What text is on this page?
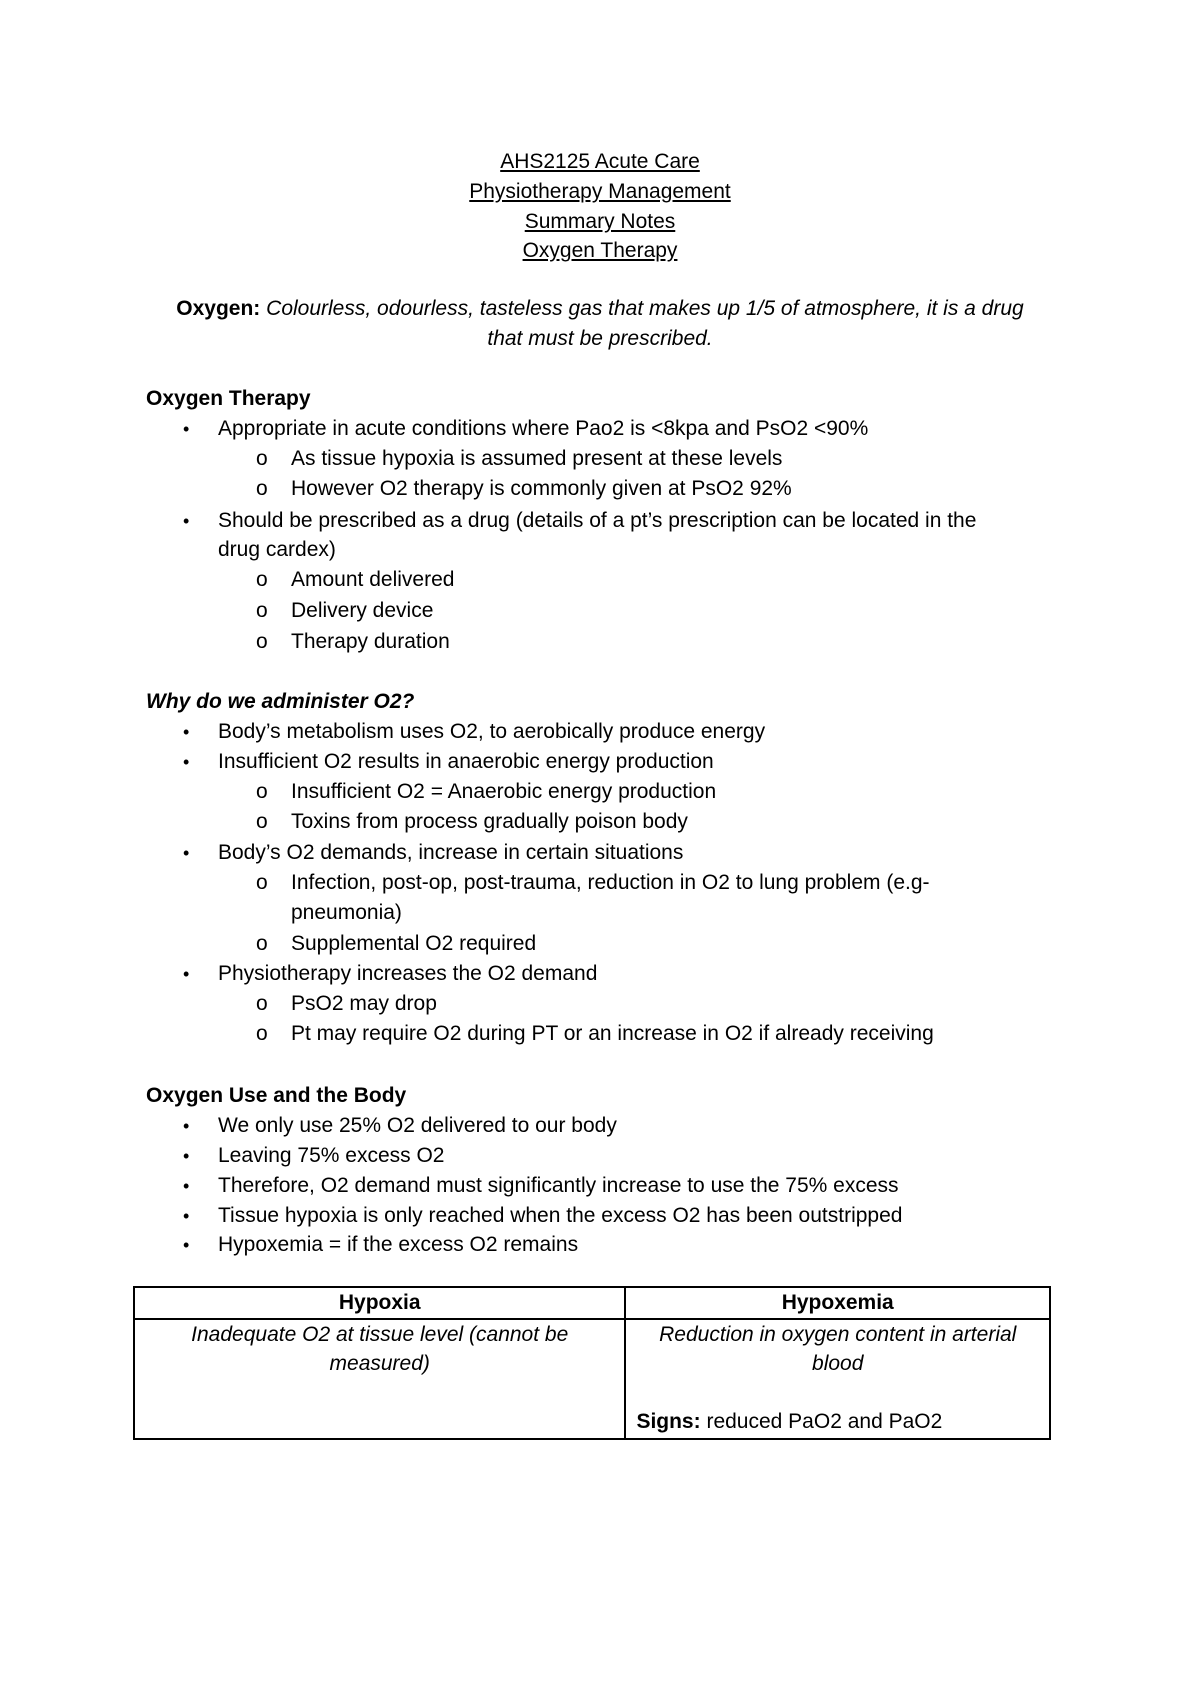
AHS2125 Acute Care
Physiotherapy Management
Summary Notes
Oxygen Therapy
Oxygen: Colourless, odourless, tasteless gas that makes up 1/5 of atmosphere, it is a drug
that must be prescribed.
Oxygen Therapy
• Appropriate in acute conditions where Pao2 is <8kpa and PsO2 <90%
o As tissue hypoxia is assumed present at these levels
o However O2 therapy is commonly given at PsO2 92%
• Should be prescribed as a drug (details of a pt’s prescription can be located in the
drug cardex)
o Amount delivered
o Delivery device
o Therapy duration
Why do we administer O2?
• Body’s metabolism uses O2, to aerobically produce energy
• Insufficient O2 results in anaerobic energy production
o Insufficient O2 = Anaerobic energy production
o Toxins from process gradually poison body
• Body’s O2 demands, increase in certain situations
o Infection, post-op, post-trauma, reduction in O2 to lung problem (e.g-
pneumonia)
o Supplemental O2 required
• Physiotherapy increases the O2 demand
o PsO2 may drop
o Pt may require O2 during PT or an increase in O2 if already receiving
Oxygen Use and the Body
• We only use 25% O2 delivered to our body
• Leaving 75% excess O2
• Therefore, O2 demand must significantly increase to use the 75% excess
• Tissue hypoxia is only reached when the excess O2 has been outstripped
• Hypoxemia = if the excess O2 remains
Hypoxia	Hypoxemia

Inadequate O2 at tissue level (cannot be measured)	Reduction in oxygen content in arterial blood
Signs: reduced PaO2 and PaO2
